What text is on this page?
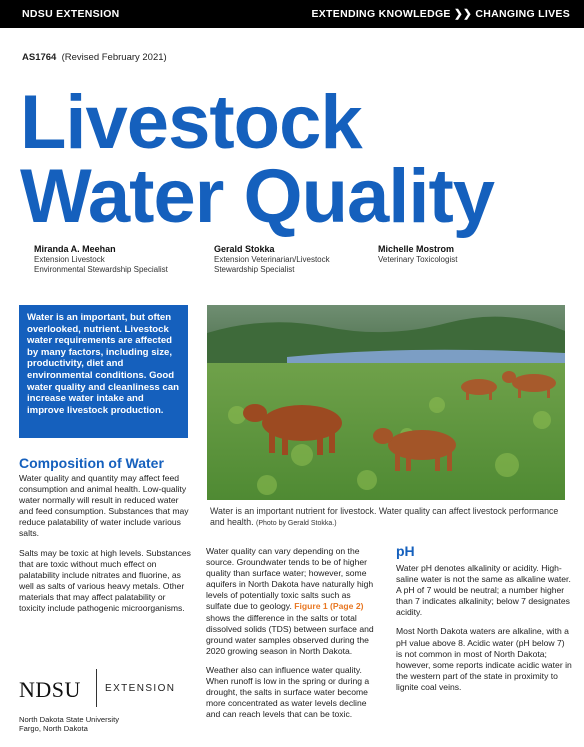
NDSU EXTENSION	EXTENDING KNOWLEDGE ❯❯ CHANGING LIVES
AS1764 (Revised February 2021)
Livestock
Water Quality
Miranda A. Meehan
Extension Livestock
Environmental Stewardship Specialist
Gerald Stokka
Extension Veterinarian/Livestock
Stewardship Specialist
Michelle Mostrom
Veterinary Toxicologist

Water is an important, but often overlooked, nutrient. Livestock water requirements are affected by many factors, including size, productivity, diet and environmental conditions. Good water quality and cleanliness can increase water intake and improve livestock production.

Water is an important nutrient for livestock. Water quality can affect livestock performance and health. (Photo by Gerald Stokka.)
Composition of Water

Water quality and quantity may affect feed consumption and animal health. Low-quality water normally will result in reduced water and feed consumption. Substances that may reduce palatability of water include various salts.

Salts may be toxic at high levels. Substances that are toxic without much effect on palatability include nitrates and fluorine, as well as salts of various heavy metals. Other materials that may affect palatability or toxicity include pathogenic microorganisms.

Water quality can vary depending on the source. Groundwater tends to be of higher quality than surface water; however, some aquifers in North Dakota have naturally high levels of potentially toxic salts such as sulfate due to geology. Figure 1 (Page 2) shows the difference in the salts or total dissolved solids (TDS) between surface and ground water samples observed during the 2020 growing season in North Dakota.

Weather also can influence water quality. When runoff is low in the spring or during a drought, the salts in surface water become more concentrated as water levels decline and can reach levels that can be toxic.

pH

Water pH denotes alkalinity or acidity. High-saline water is not the same as alkaline water. A pH of 7 would be neutral; a number higher than 7 indicates alkalinity; below 7 designates acidity.

Most North Dakota waters are alkaline, with a pH value above 8. Acidic water (pH below 7) is not common in most of North Dakota; however, some reports indicate acidic water in the western part of the state in proximity to lignite coal veins.

NDSU EXTENSION
North Dakota State University
Fargo, North Dakota
